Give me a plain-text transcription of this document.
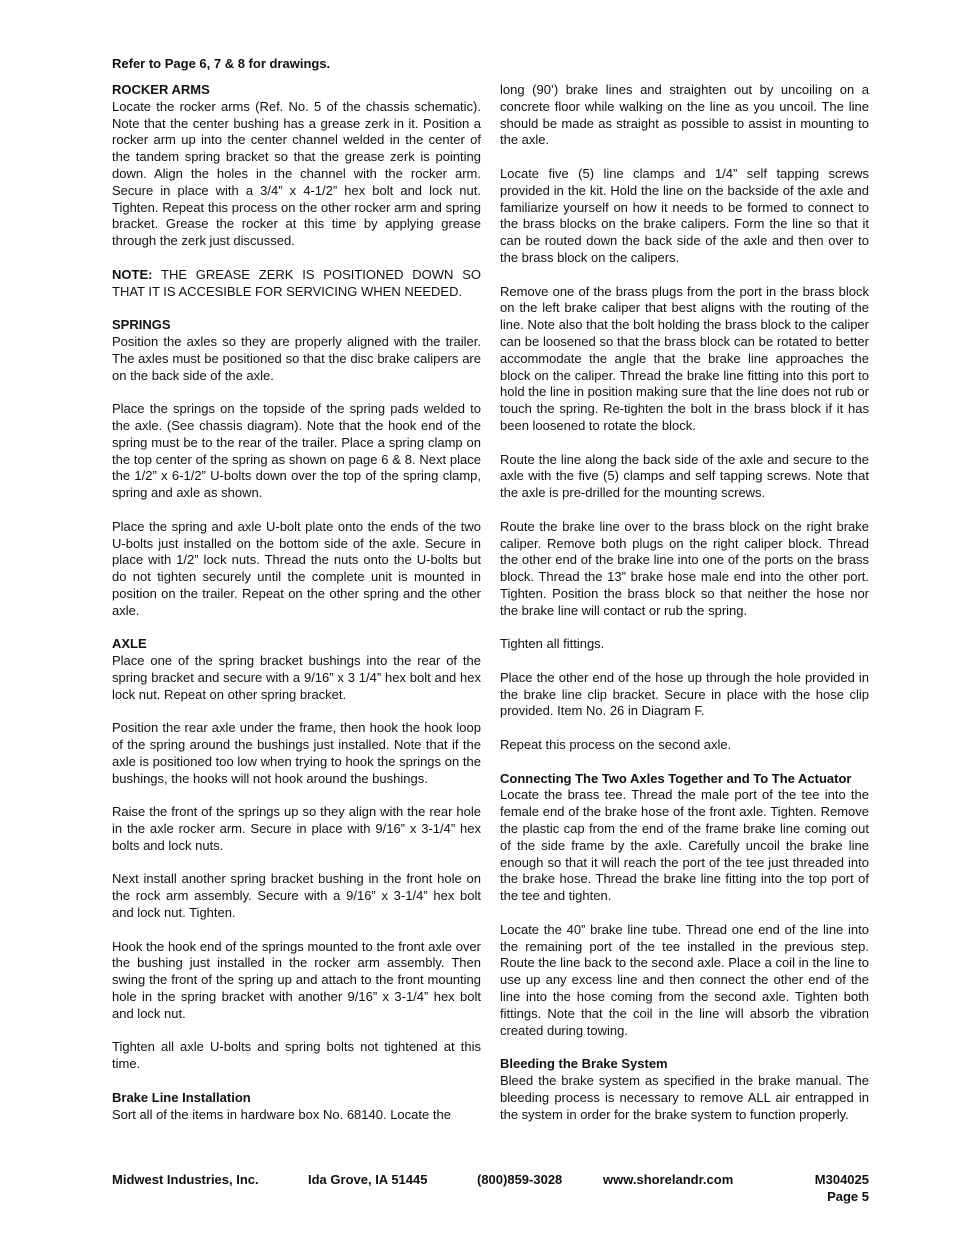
Refer to Page 6, 7 & 8 for drawings.
ROCKER ARMS
Locate the rocker arms (Ref. No. 5 of the chassis schematic). Note that the center bushing has a grease zerk in it. Position a rocker arm up into the center channel welded in the center of the tandem spring bracket so that the grease zerk is pointing down. Align the holes in the channel with the rocker arm. Secure in place with a 3/4” x 4-1/2” hex bolt and lock nut. Tighten. Repeat this process on the other rocker arm and spring bracket. Grease the rocker at this time by applying grease through the zerk just discussed.
NOTE: THE GREASE ZERK IS POSITIONED DOWN SO THAT IT IS ACCESIBLE FOR SERVICING WHEN NEEDED.
SPRINGS
Position the axles so they are properly aligned with the trailer. The axles must be positioned so that the disc brake calipers are on the back side of the axle.
Place the springs on the topside of the spring pads welded to the axle. (See chassis diagram). Note that the hook end of the spring must be to the rear of the trailer. Place a spring clamp on the top center of the spring as shown on page 6 & 8. Next place the 1/2” x 6-1/2” U-bolts down over the top of the spring clamp, spring and axle as shown.
Place the spring and axle U-bolt plate onto the ends of the two U-bolts just installed on the bottom side of the axle. Secure in place with 1/2” lock nuts. Thread the nuts onto the U-bolts but do not tighten securely until the complete unit is mounted in position on the trailer. Repeat on the other spring and the other axle.
AXLE
Place one of the spring bracket bushings into the rear of the spring bracket and secure with a 9/16” x 3 1/4” hex bolt and hex lock nut. Repeat on other spring bracket.
Position the rear axle under the frame, then hook the hook loop of the spring around the bushings just installed. Note that if the axle is positioned too low when trying to hook the springs on the bushings, the hooks will not hook around the bushings.
Raise the front of the springs up so they align with the rear hole in the axle rocker arm. Secure in place with 9/16” x 3-1/4” hex bolts and lock nuts.
Next install another spring bracket bushing in the front hole on the rock arm assembly. Secure with a 9/16” x 3-1/4” hex bolt and lock nut. Tighten.
Hook the hook end of the springs mounted to the front axle over the bushing just installed in the rocker arm assembly. Then swing the front of the spring up and attach to the front mounting hole in the spring bracket with another 9/16” x 3-1/4” hex bolt and lock nut.
Tighten all axle U-bolts and spring bolts not tightened at this time.
Brake Line Installation
Sort all of the items in hardware box No. 68140. Locate the
long (90’) brake lines and straighten out by uncoiling on a concrete floor while walking on the line as you uncoil. The line should be made as straight as possible to assist in mounting to the axle.
Locate five (5) line clamps and 1/4” self tapping screws provided in the kit. Hold the line on the backside of the axle and familiarize yourself on how it needs to be formed to connect to the brass blocks on the brake calipers. Form the line so that it can be routed down the back side of the axle and then over to the brass block on the calipers.
Remove one of the brass plugs from the port in the brass block on the left brake caliper that best aligns with the routing of the line. Note also that the bolt holding the brass block to the caliper can be loosened so that the brass block can be rotated to better accommodate the angle that the brake line approaches the block on the caliper. Thread the brake line fitting into this port to hold the line in position making sure that the line does not rub or touch the spring. Re-tighten the bolt in the brass block if it has been loosened to rotate the block.
Route the line along the back side of the axle and secure to the axle with the five (5) clamps and self tapping screws. Note that the axle is pre-drilled for the mounting screws.
Route the brake line over to the brass block on the right brake caliper. Remove both plugs on the right caliper block. Thread the other end of the brake line into one of the ports on the brass block. Thread the 13” brake hose male end into the other port. Tighten. Position the brass block so that neither the hose nor the brake line will contact or rub the spring.
Tighten all fittings.
Place the other end of the hose up through the hole provided in the brake line clip bracket. Secure in place with the hose clip provided. Item No. 26 in Diagram F.
Repeat this process on the second axle.
Connecting The Two Axles Together and To The Actuator
Locate the brass tee. Thread the male port of the tee into the female end of the brake hose of the front axle. Tighten. Remove the plastic cap from the end of the frame brake line coming out of the side frame by the axle. Carefully uncoil the brake line enough so that it will reach the port of the tee just threaded into the brake hose. Thread the brake line fitting into the top port of the tee and tighten.
Locate the 40” brake line tube. Thread one end of the line into the remaining port of the tee installed in the previous step. Route the line back to the second axle. Place a coil in the line to use up any excess line and then connect the other end of the line into the hose coming from the second axle. Tighten both fittings. Note that the coil in the line will absorb the vibration created during towing.
Bleeding the Brake System
Bleed the brake system as specified in the brake manual. The bleeding process is necessary to remove ALL air entrapped in the system in order for the brake system to function properly.
Midwest Industries, Inc.	Ida Grove, IA 51445	(800)859-3028	www.shorelandr.com	M304025
Page 5
